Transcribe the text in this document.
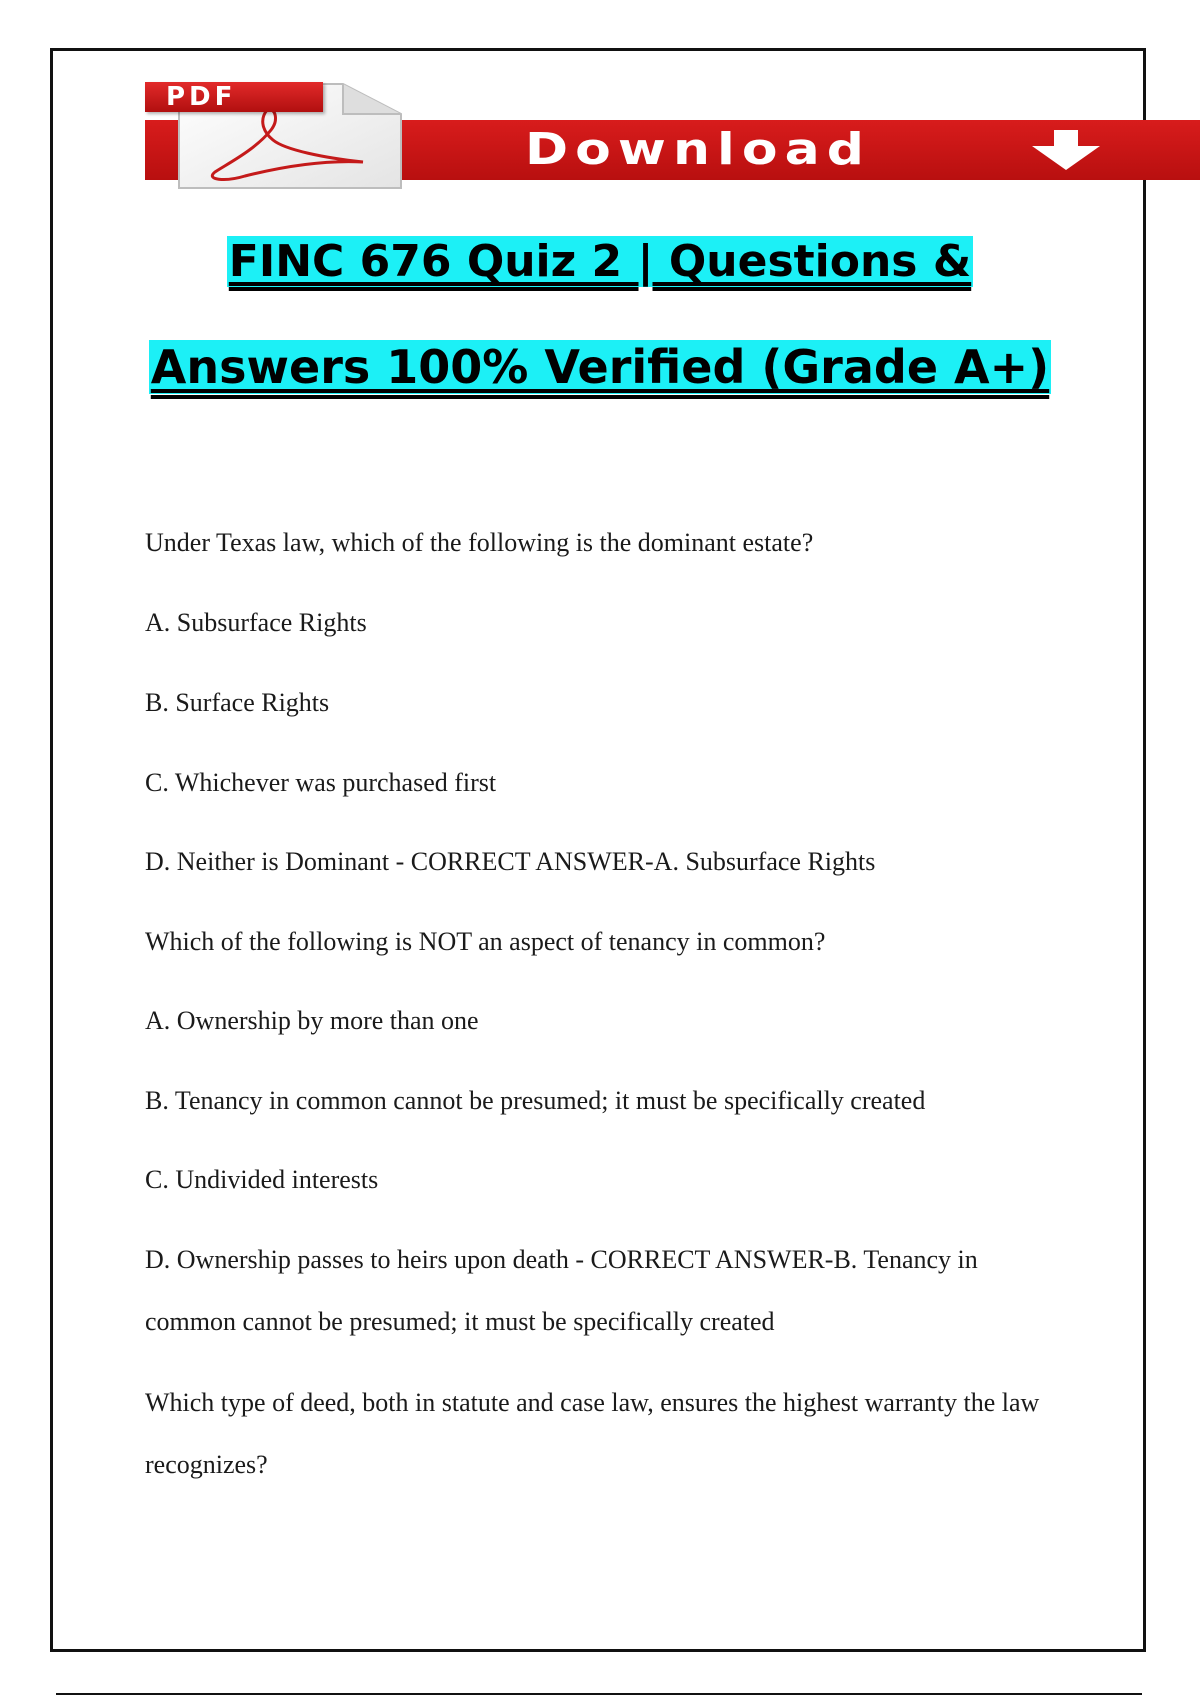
PDF
Download
FINC 676 Quiz 2 | Questions &
Answers 100% Verified (Grade A+)

Under Texas law, which of the following is the dominant estate?

A. Subsurface Rights

B. Surface Rights

C. Whichever was purchased first

D. Neither is Dominant - CORRECT ANSWER-A. Subsurface Rights

Which of the following is NOT an aspect of tenancy in common?

A. Ownership by more than one

B. Tenancy in common cannot be presumed; it must be specifically created

C. Undivided interests

D. Ownership passes to heirs upon death - CORRECT ANSWER-B. Tenancy in common cannot be presumed; it must be specifically created

Which type of deed, both in statute and case law, ensures the highest warranty the law recognizes?
